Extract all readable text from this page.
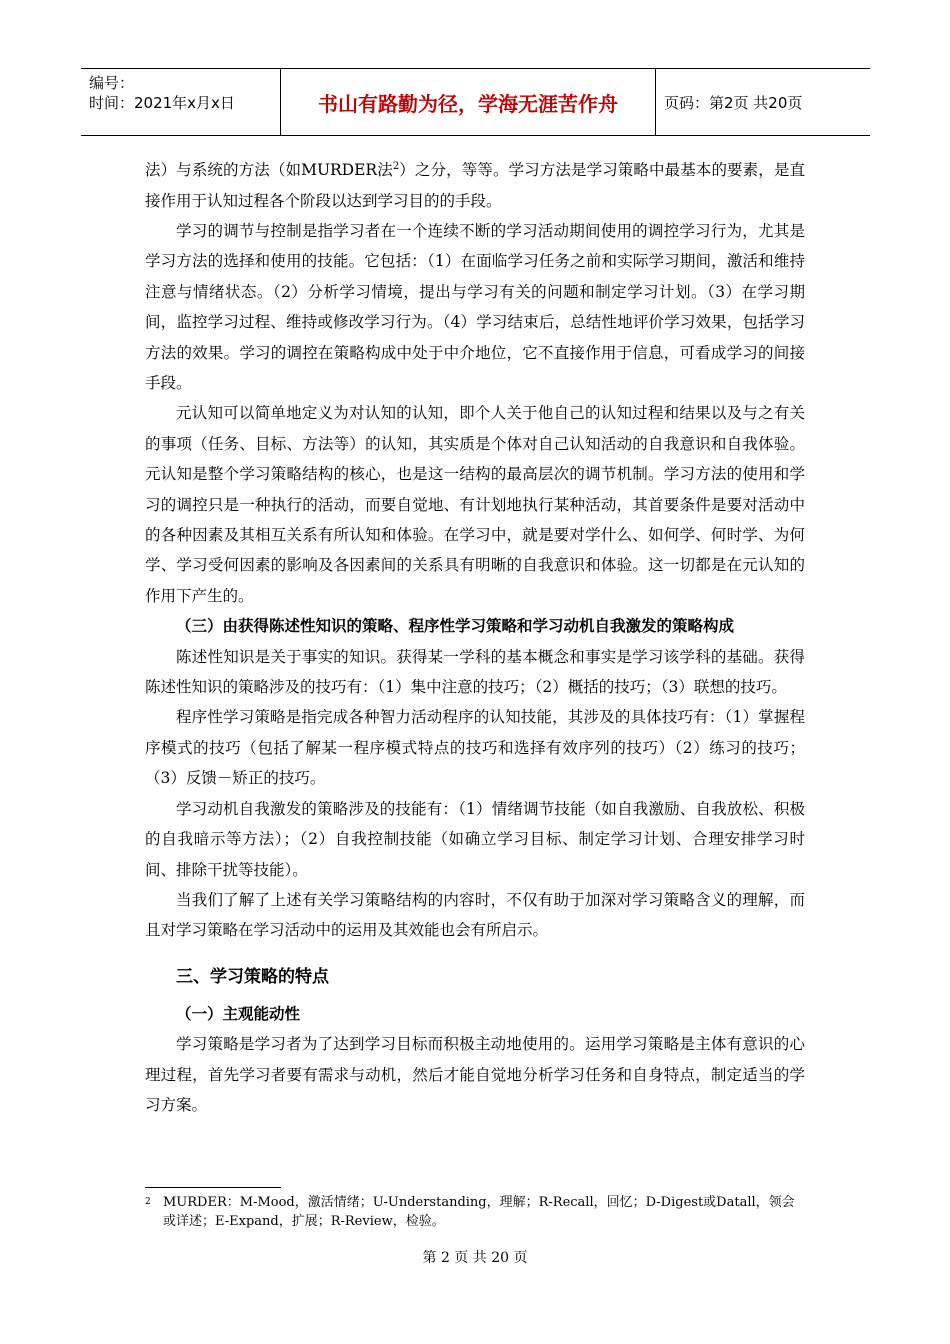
编号：
时间：2021年x月x日	书山有路勤为径，学海无涯苦作舟	页码：第2页 共20页

法）与系统的方法（如MURDER法$^2$）之分，等等。学习方法是学习策略中最基本的要素，是直接作用于认知过程各个阶段以达到学习目的的手段。

学习的调节与控制是指学习者在一个连续不断的学习活动期间使用的调控学习行为，尤其是学习方法的选择和使用的技能。它包括：（1）在面临学习任务之前和实际学习期间，激活和维持注意与情绪状态。（2）分析学习情境，提出与学习有关的问题和制定学习计划。（3）在学习期间，监控学习过程、维持或修改学习行为。（4）学习结束后，总结性地评价学习效果，包括学习方法的效果。学习的调控在策略构成中处于中介地位，它不直接作用于信息，可看成学习的间接手段。

元认知可以简单地定义为对认知的认知，即个人关于他自己的认知过程和结果以及与之有关的事项（任务、目标、方法等）的认知，其实质是个体对自己认知活动的自我意识和自我体验。元认知是整个学习策略结构的核心，也是这一结构的最高层次的调节机制。学习方法的使用和学习的调控只是一种执行的活动，而要自觉地、有计划地执行某种活动，其首要条件是要对活动中的各种因素及其相互关系有所认知和体验。在学习中，就是要对学什么、如何学、何时学、为何学、学习受何因素的影响及各因素间的关系具有明晰的自我意识和体验。这一切都是在元认知的作用下产生的。

（三）由获得陈述性知识的策略、程序性学习策略和学习动机自我激发的策略构成

陈述性知识是关于事实的知识。获得某一学科的基本概念和事实是学习该学科的基础。获得陈述性知识的策略涉及的技巧有：（1）集中注意的技巧；（2）概括的技巧；（3）联想的技巧。

程序性学习策略是指完成各种智力活动程序的认知技能，其涉及的具体技巧有：（1）掌握程序模式的技巧（包括了解某一程序模式特点的技巧和选择有效序列的技巧）（2）练习的技巧；（3）反馈－矫正的技巧。

学习动机自我激发的策略涉及的技能有：（1）情绪调节技能（如自我激励、自我放松、积极的自我暗示等方法）；（2）自我控制技能（如确立学习目标、制定学习计划、合理安排学习时间、排除干扰等技能）。

当我们了解了上述有关学习策略结构的内容时，不仅有助于加深对学习策略含义的理解，而且对学习策略在学习活动中的运用及其效能也会有所启示。

三、学习策略的特点

（一）主观能动性

学习策略是学习者为了达到学习目标而积极主动地使用的。运用学习策略是主体有意识的心理过程，首先学习者要有需求与动机，然后才能自觉地分析学习任务和自身特点，制定适当的学习方案。

2 MURDER：M-Mood，激活情绪；U-Understanding，理解；R-Recall，回忆；D-Digest或Datall，领会
或详述；E-Expand，扩展；R-Review，检验。
第 2 页 共 20 页
